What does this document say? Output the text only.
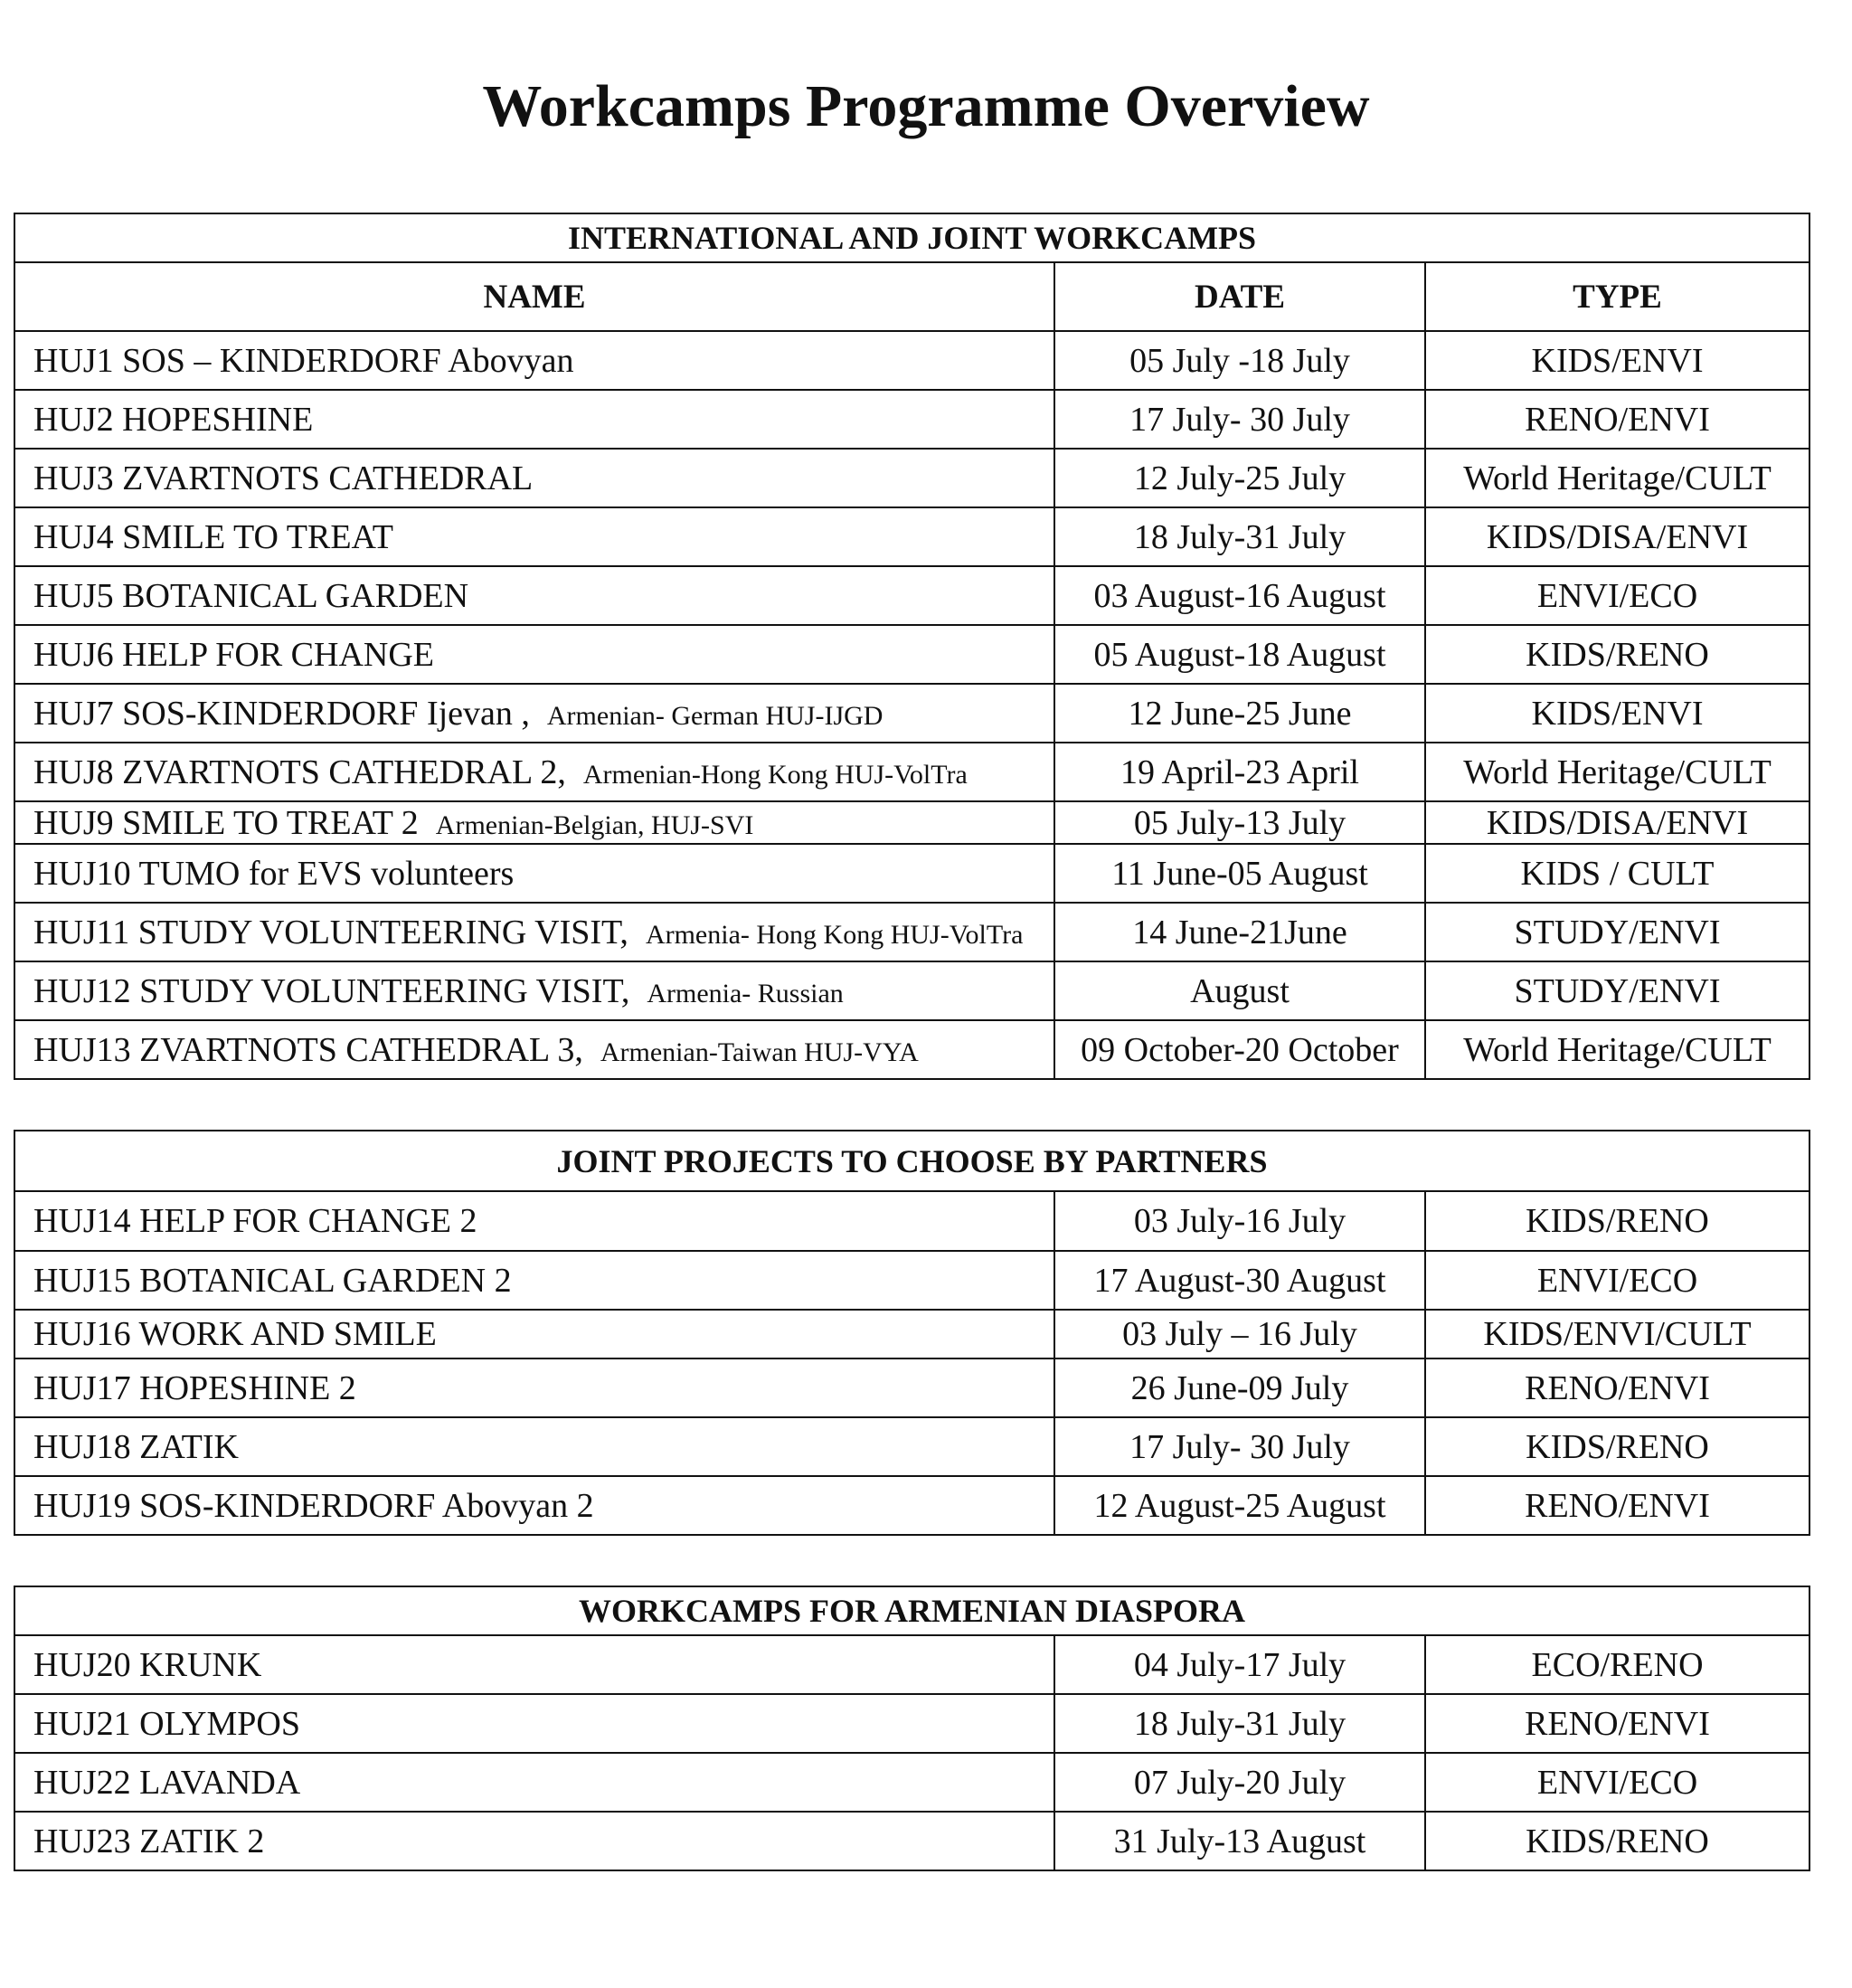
Workcamps Programme Overview
INTERNATIONAL AND JOINT WORKCAMPS		
NAME	DATE	TYPE
HUJ1 SOS – KINDERDORF Abovyan	05 July -18 July	KIDS/ENVI
HUJ2 HOPESHINE	17 July- 30 July	RENO/ENVI
HUJ3 ZVARTNOTS CATHEDRAL	12 July-25 July	World Heritage/CULT
HUJ4 SMILE TO TREAT	18 July-31 July	KIDS/DISA/ENVI
HUJ5 BOTANICAL GARDEN	03 August-16 August	ENVI/ECO
HUJ6 HELP FOR CHANGE	05 August-18 August	KIDS/RENO
HUJ7 SOS-KINDERDORF Ijevan , Armenian- German HUJ-IJGD	12 June-25 June	KIDS/ENVI
HUJ8 ZVARTNOTS CATHEDRAL 2, Armenian-Hong Kong HUJ-VolTra	19 April-23 April	World Heritage/CULT
HUJ9 SMILE TO TREAT 2 Armenian-Belgian, HUJ-SVI	05 July-13 July	KIDS/DISA/ENVI
HUJ10 TUMO for EVS volunteers	11 June-05 August	KIDS / CULT
HUJ11 STUDY VOLUNTEERING VISIT, Armenia- Hong Kong HUJ-VolTra	14 June-21June	STUDY/ENVI
HUJ12 STUDY VOLUNTEERING VISIT, Armenia- Russian	August	STUDY/ENVI
HUJ13 ZVARTNOTS CATHEDRAL 3, Armenian-Taiwan HUJ-VYA	09 October-20 October	World Heritage/CULT
JOINT PROJECTS TO CHOOSE BY PARTNERS		
HUJ14 HELP FOR CHANGE 2	03 July-16 July	KIDS/RENO
HUJ15 BOTANICAL GARDEN 2	17 August-30 August	ENVI/ECO
HUJ16 WORK AND SMILE	03 July – 16 July	KIDS/ENVI/CULT
HUJ17 HOPESHINE 2	26 June-09 July	RENO/ENVI
HUJ18 ZATIK	17 July- 30 July	KIDS/RENO
HUJ19 SOS-KINDERDORF Abovyan 2	12 August-25 August	RENO/ENVI
WORKCAMPS FOR ARMENIAN DIASPORA		
HUJ20 KRUNK	04 July-17 July	ECO/RENO
HUJ21 OLYMPOS	18 July-31 July	RENO/ENVI
HUJ22 LAVANDA	07 July-20 July	ENVI/ECO
HUJ23 ZATIK 2	31 July-13 August	KIDS/RENO
